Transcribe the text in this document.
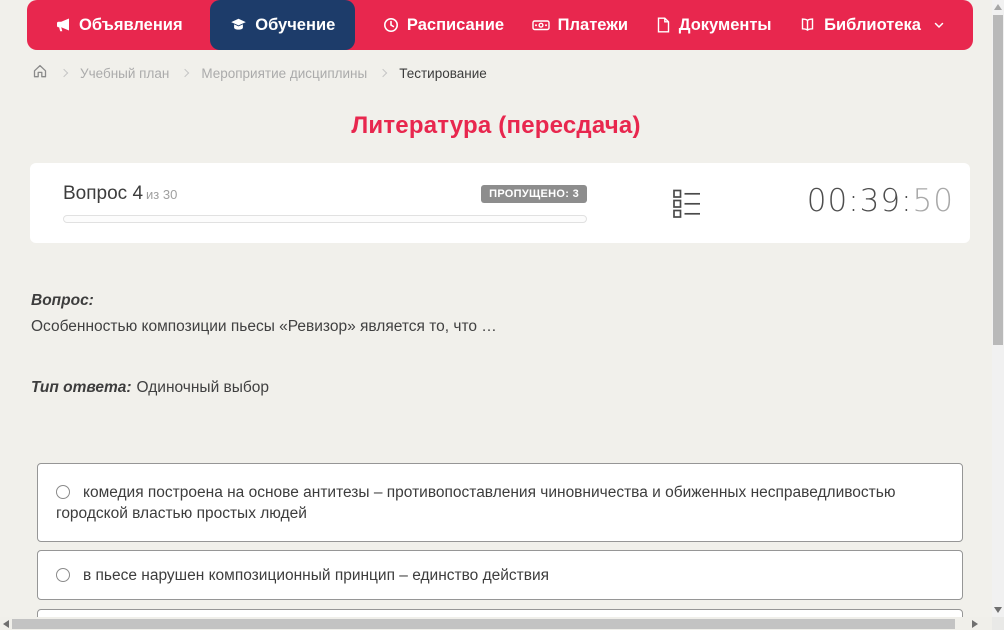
Объявления	Обучение	Расписание	Платежи	Документы	Библиотека
Учебный план Мероприятие дисциплины Тестирование
Литература (пересдача)
Вопрос 4 из 30	ПРОПУЩЕНО: 3	00:39:50

Вопрос:

Особенностью композиции пьесы «Ревизор» является то, что …

Тип ответа: Одиночный выбор

комедия построена на основе антитезы – противопоставления чиновничества и обиженных несправедливостью городской властью простых людей
в пьесе нарушен композиционный принцип – единство действия
